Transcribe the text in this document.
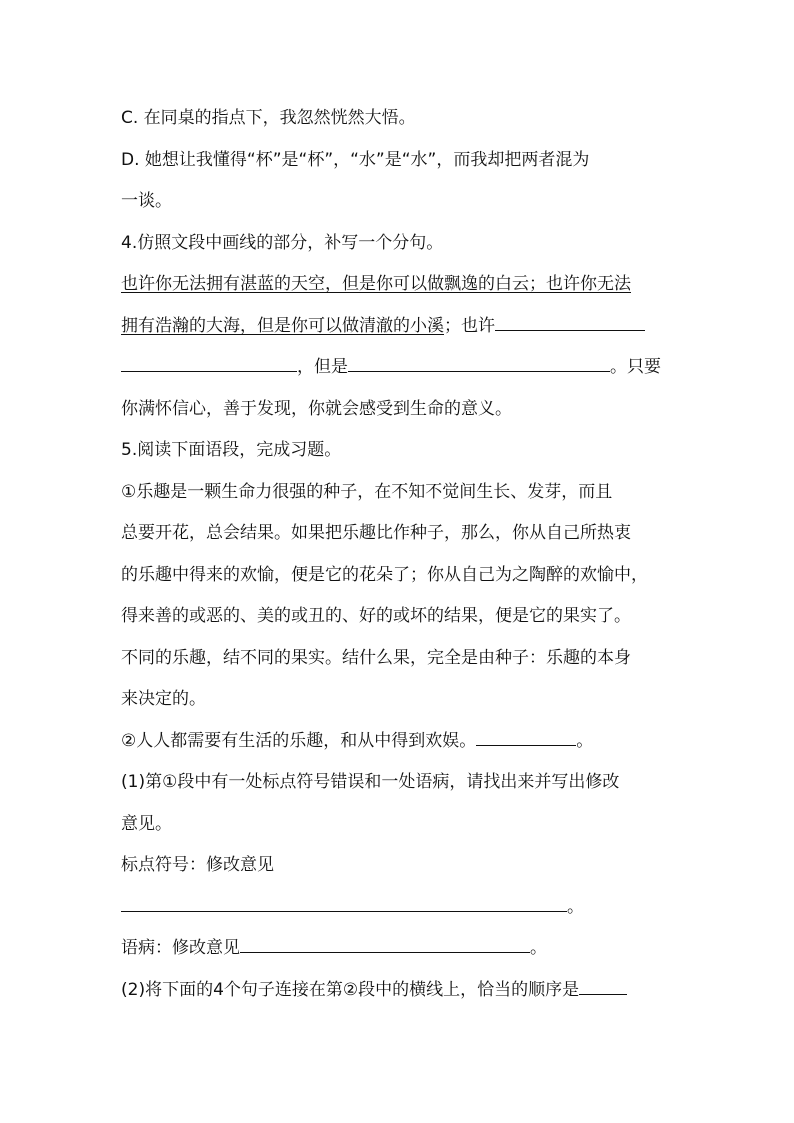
C. 在同桌的指点下，我忽然恍然大悟。
D. 她想让我懂得“杯”是“杯”，“水”是“水”，而我却把两者混为
一谈。
4.仿照文段中画线的部分，补写一个分句。
也许你无法拥有湛蓝的天空，但是你可以做飘逸的白云；也许你无法
拥有浩瀚的大海，但是你可以做清澈的小溪；也许
，但是	。只要
你满怀信心，善于发现，你就会感受到生命的意义。
5.阅读下面语段，完成习题。
①乐趣是一颗生命力很强的种子，在不知不觉间生长、发芽，而且
总要开花，总会结果。如果把乐趣比作种子，那么，你从自己所热衷
的乐趣中得来的欢愉，便是它的花朵了；你从自己为之陶醉的欢愉中，
得来善的或恶的、美的或丑的、好的或坏的结果，便是它的果实了。
不同的乐趣，结不同的果实。结什么果，完全是由种子：乐趣的本身
来决定的。
②人人都需要有生活的乐趣，和从中得到欢娱。	。
(1)第①段中有一处标点符号错误和一处语病，请找出来并写出修改
意见。
标点符号：修改意见
。
语病：修改意见	。
(2)将下面的4个句子连接在第②段中的横线上，恰当的顺序是
